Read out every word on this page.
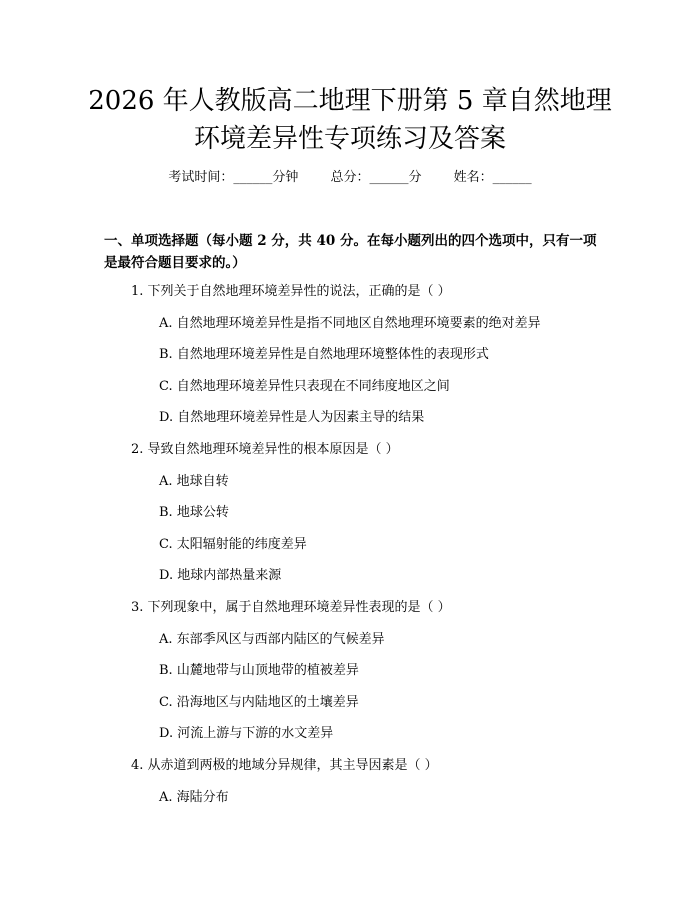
2026 年人教版高二地理下册第 5 章自然地理
环境差异性专项练习及答案
考试时间：______分钟 总分：______分 姓名：______
一、单项选择题（每小题 2 分，共 40 分。在每小题列出的四个选项中，只有一项是最符合题目要求的。）
1. 下列关于自然地理环境差异性的说法，正确的是（ ）
A. 自然地理环境差异性是指不同地区自然地理环境要素的绝对差异
B. 自然地理环境差异性是自然地理环境整体性的表现形式
C. 自然地理环境差异性只表现在不同纬度地区之间
D. 自然地理环境差异性是人为因素主导的结果
2. 导致自然地理环境差异性的根本原因是（ ）
A. 地球自转
B. 地球公转
C. 太阳辐射能的纬度差异
D. 地球内部热量来源
3. 下列现象中，属于自然地理环境差异性表现的是（ ）
A. 东部季风区与西部内陆区的气候差异
B. 山麓地带与山顶地带的植被差异
C. 沿海地区与内陆地区的土壤差异
D. 河流上游与下游的水文差异
4. 从赤道到两极的地域分异规律，其主导因素是（ ）
A. 海陆分布
